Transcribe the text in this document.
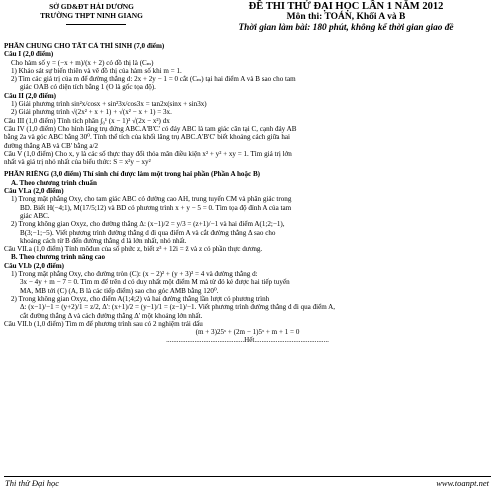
SỞ GD&ĐT HẢI DƯƠNG
TRƯỜNG THPT NINH GIANG
ĐỀ THI THỬ ĐẠI HỌC LẦN 1 NĂM 2012
Môn thi: TOÁN, Khối A và B
Thời gian làm bài: 180 phút, không kể thời gian giao đề

PHẦN CHUNG CHO TẤT CẢ THÍ SINH (7,0 điểm)

Câu I (2,0 điểm)

Cho hàm số y = (−x + m)/(x + 2) có đồ thị là (Cₘ)

1) Khảo sát sự biến thiên và vẽ đồ thị của hàm số khi m = 1.

2) Tìm các giá trị của m để đường thẳng d: 2x + 2y − 1 = 0 cắt (Cₘ) tại hai điểm A và B sao cho tam

giác OAB có diện tích bằng 1 (O là gốc tọa độ).

Câu II (2,0 điểm)

1) Giải phương trình sin²x/cosx + sin²3x/cos3x = tan2x(sinx + sin3x)

2) Giải phương trình √(2x² + x + 1) + √(x² − x + 1) = 3x.

Câu III (1,0 điểm) Tính tích phân ∫₀¹ (x − 1)³ √(2x − x²) dx

Câu IV (1,0 điểm) Cho hình lăng trụ đứng ABC.A'B'C' có đáy ABC là tam giác cân tại C, cạnh đáy AB

bằng 2a và góc ABC bằng 30⁰. Tính thể tích của khối lăng trụ ABC.A'B'C' biết khoảng cách giữa hai

đường thẳng AB và CB' bằng a/2

Câu V (1,0 điểm) Cho x, y là các số thực thay đổi thỏa mãn điều kiện x² + y² + xy = 1. Tìm giá trị lớn

nhất và giá trị nhỏ nhất của biểu thức: S = x²y − xy²

PHẦN RIÊNG (3,0 điểm) Thí sinh chỉ được làm một trong hai phần (Phần A hoặc B)

A. Theo chương trình chuẩn

Câu VI.a (2,0 điểm)

1) Trong mặt phẳng Oxy, cho tam giác ABC có đường cao AH, trung tuyến CM và phân giác trong

BD. Biết H(−4;1), M(17/5;12) và BD có phương trình x + y − 5 = 0. Tìm tọa độ đỉnh A của tam

giác ABC.

2) Trong không gian Oxyz, cho đường thẳng Δ: (x−1)/2 = y/3 = (z+1)/−1 và hai điểm A(1;2;−1),

B(3;−1;−5). Viết phương trình đường thẳng d đi qua điểm A và cắt đường thẳng Δ sao cho

khoảng cách từ B đến đường thẳng d là lớn nhất, nhỏ nhất.

Câu VII.a (1,0 điểm) Tính môđun của số phức z, biết z³ + 12i = z̄ và z có phần thực dương.

B. Theo chương trình nâng cao

Câu VI.b (2,0 điểm)

1) Trong mặt phẳng Oxy, cho đường tròn (C): (x − 2)² + (y + 3)² = 4 và đường thẳng d:

3x − 4y + m − 7 = 0. Tìm m để trên d có duy nhất một điểm M mà từ đó kẻ được hai tiếp tuyến

MA, MB tới (C) (A, B là các tiếp điểm) sao cho góc AMB bằng 120⁰.

2) Trong không gian Oxyz, cho điểm A(1;4;2) và hai đường thẳng lần lượt có phương trình

Δ: (x−1)/−1 = (y+2)/1 = z/2, Δ': (x+1)/2 = (y−1)/1 = (z−1)/−1. Viết phương trình đường thẳng d đi qua điểm A,

cắt đường thẳng Δ và cách đường thẳng Δ' một khoảng lớn nhất.

Câu VII.b (1,0 điểm) Tìm m để phương trình sau có 2 nghiệm trái dấu

(m + 3)25ˣ + (2m − 1)5ˣ + m + 1 = 0

............................................Hết..........................................

Thi thử Đại học	www.toanpt.net
